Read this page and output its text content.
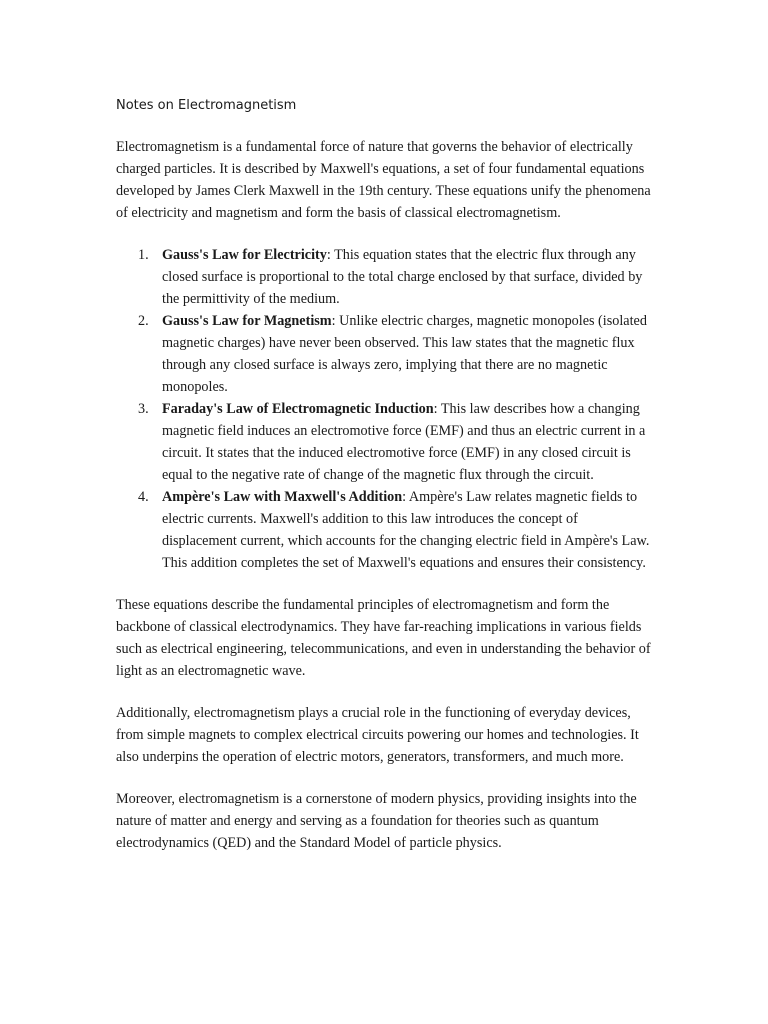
Notes on Electromagnetism

Electromagnetism is a fundamental force of nature that governs the behavior of electrically charged particles. It is described by Maxwell's equations, a set of four fundamental equations developed by James Clerk Maxwell in the 19th century. These equations unify the phenomena of electricity and magnetism and form the basis of classical electromagnetism.

1. Gauss's Law for Electricity: This equation states that the electric flux through any closed surface is proportional to the total charge enclosed by that surface, divided by the permittivity of the medium.
2. Gauss's Law for Magnetism: Unlike electric charges, magnetic monopoles (isolated magnetic charges) have never been observed. This law states that the magnetic flux through any closed surface is always zero, implying that there are no magnetic monopoles.
3. Faraday's Law of Electromagnetic Induction: This law describes how a changing magnetic field induces an electromotive force (EMF) and thus an electric current in a circuit. It states that the induced electromotive force (EMF) in any closed circuit is equal to the negative rate of change of the magnetic flux through the circuit.
4. Ampère's Law with Maxwell's Addition: Ampère's Law relates magnetic fields to electric currents. Maxwell's addition to this law introduces the concept of displacement current, which accounts for the changing electric field in Ampère's Law. This addition completes the set of Maxwell's equations and ensures their consistency.

These equations describe the fundamental principles of electromagnetism and form the backbone of classical electrodynamics. They have far-reaching implications in various fields such as electrical engineering, telecommunications, and even in understanding the behavior of light as an electromagnetic wave.

Additionally, electromagnetism plays a crucial role in the functioning of everyday devices, from simple magnets to complex electrical circuits powering our homes and technologies. It also underpins the operation of electric motors, generators, transformers, and much more.

Moreover, electromagnetism is a cornerstone of modern physics, providing insights into the nature of matter and energy and serving as a foundation for theories such as quantum electrodynamics (QED) and the Standard Model of particle physics.
